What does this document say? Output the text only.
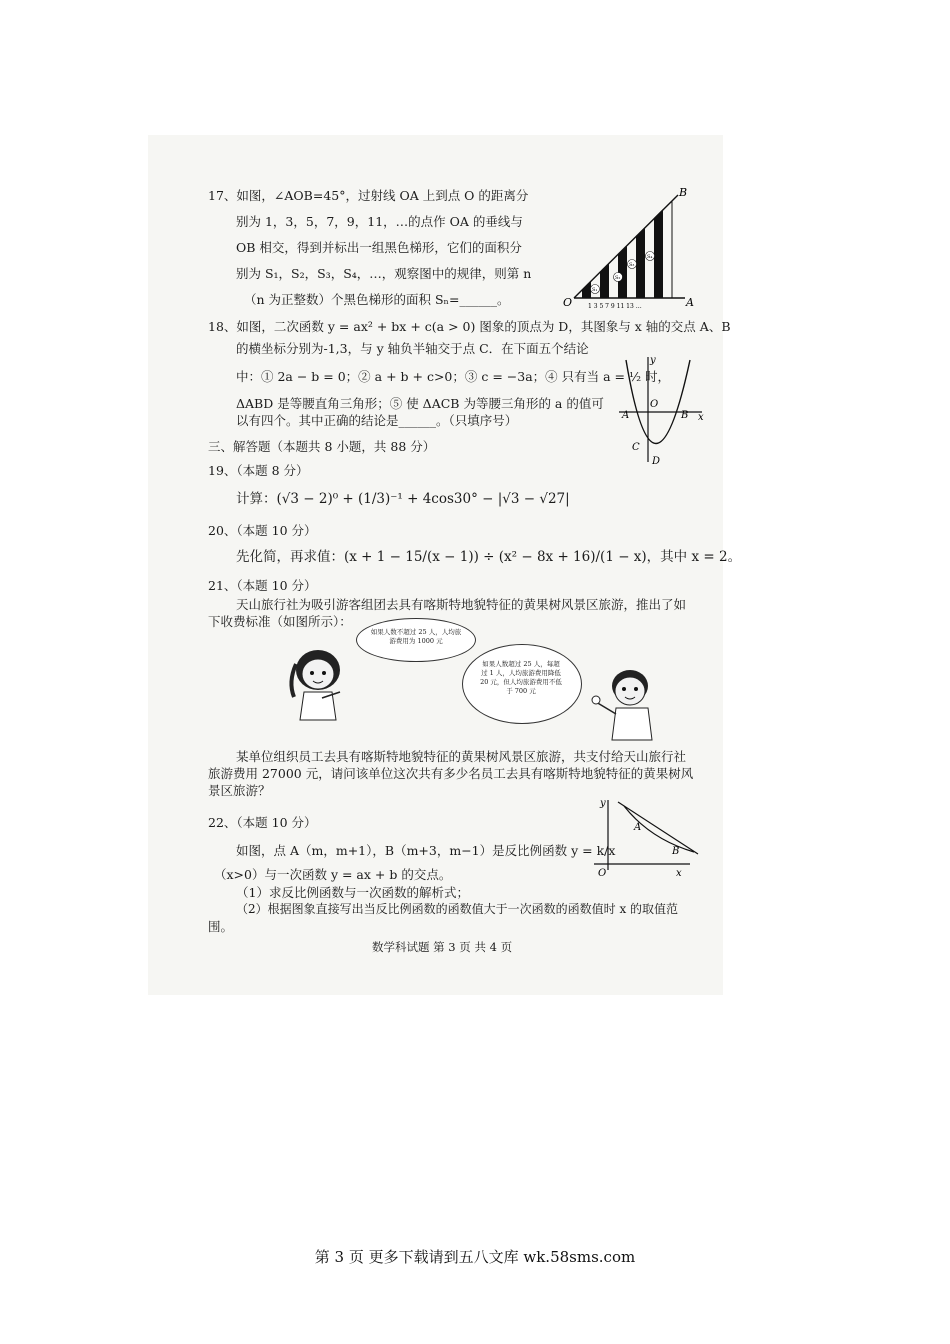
17、如图，∠AOB=45°，过射线 OA 上到点 O 的距离分
别为 1，3，5，7，9，11，…的点作 OA 的垂线与
OB 相交，得到并标出一组黑色梯形，它们的面积分
别为 S₁，S₂，S₃，S₄，…，观察图中的规律，则第 n
（n 为正整数）个黑色梯形的面积 Sₙ=______。
S₁
S₂
S₃
S₄
O	A
B
1 3 5 7 9 11 13 …
18、如图，二次函数 y = ax² + bx + c(a > 0) 图象的顶点为 D，其图象与 x 轴的交点 A、B
的横坐标分别为-1,3，与 y 轴负半轴交于点 C．在下面五个结论
中：① 2a − b = 0；② a + b + c>0；③ c = −3a；④ 只有当 a = ½ 时，
ΔABD 是等腰直角三角形；⑤ 使 ΔACB 为等腰三角形的 a 的值可
以有四个。其中正确的结论是______。（只填序号）
y
x
O
A	B
C
D
三、解答题（本题共 8 小题，共 88 分）
19、（本题 8 分）
计算：(√3 − 2)⁰ + (1/3)⁻¹ + 4cos30° − |√3 − √27|
20、（本题 10 分）
先化简，再求值：(x + 1 − 15/(x − 1)) ÷ (x² − 8x + 16)/(1 − x)，其中 x = 2。
21、（本题 10 分）
天山旅行社为吸引游客组团去具有喀斯特地貌特征的黄果树风景区旅游，推出了如
下收费标准（如图所示）：
如果人数不超过 25 人，人均旅游费用为 1000 元
如果人数超过 25 人，每超过 1 人，人均旅游费用降低 20 元，但人均旅游费用不低于 700 元
某单位组织员工去具有喀斯特地貌特征的黄果树风景区旅游，共支付给天山旅行社
旅游费用 27000 元，请问该单位这次共有多少名员工去具有喀斯特地貌特征的黄果树风
景区旅游？
22、（本题 10 分）
如图，点 A（m，m+1），B（m+3，m−1）是反比例函数 y = k/x
（x>0）与一次函数 y = ax + b 的交点。
（1）求反比例函数与一次函数的解析式；
（2）根据图象直接写出当反比例函数的函数值大于一次函数的函数值时 x 的取值范
围。
y
x
O
A
B
数学科试题 第 3 页 共 4 页
第 3 页 更多下载请到五八文库 wk.58sms.com
